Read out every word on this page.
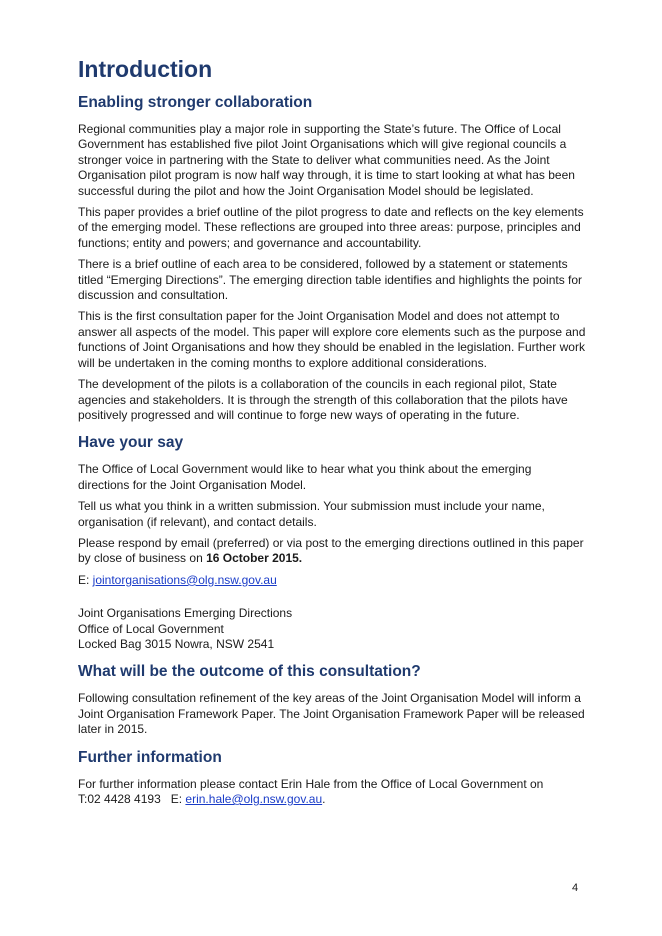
Introduction
Enabling stronger collaboration

Regional communities play a major role in supporting the State’s future. The Office of Local Government has established five pilot Joint Organisations which will give regional councils a stronger voice in partnering with the State to deliver what communities need. As the Joint Organisation pilot program is now half way through, it is time to start looking at what has been successful during the pilot and how the Joint Organisation Model should be legislated.

This paper provides a brief outline of the pilot progress to date and reflects on the key elements of the emerging model. These reflections are grouped into three areas: purpose, principles and functions; entity and powers; and governance and accountability.

There is a brief outline of each area to be considered, followed by a statement or statements titled “Emerging Directions”. The emerging direction table identifies and highlights the points for discussion and consultation.

This is the first consultation paper for the Joint Organisation Model and does not attempt to answer all aspects of the model. This paper will explore core elements such as the purpose and functions of Joint Organisations and how they should be enabled in the legislation. Further work will be undertaken in the coming months to explore additional considerations.

The development of the pilots is a collaboration of the councils in each regional pilot, State agencies and stakeholders. It is through the strength of this collaboration that the pilots have positively progressed and will continue to forge new ways of operating in the future.

Have your say

The Office of Local Government would like to hear what you think about the emerging directions for the Joint Organisation Model.

Tell us what you think in a written submission. Your submission must include your name, organisation (if relevant), and contact details.

Please respond by email (preferred) or via post to the emerging directions outlined in this paper by close of business on 16 October 2015.

E: jointorganisations@olg.nsw.gov.au

Joint Organisations Emerging Directions

Office of Local Government

Locked Bag 3015 Nowra, NSW 2541

What will be the outcome of this consultation?

Following consultation refinement of the key areas of the Joint Organisation Model will inform a Joint Organisation Framework Paper. The Joint Organisation Framework Paper will be released later in 2015.

Further information

For further information please contact Erin Hale from the Office of Local Government on
T:02 4428 4193 E: erin.hale@olg.nsw.gov.au.

4
